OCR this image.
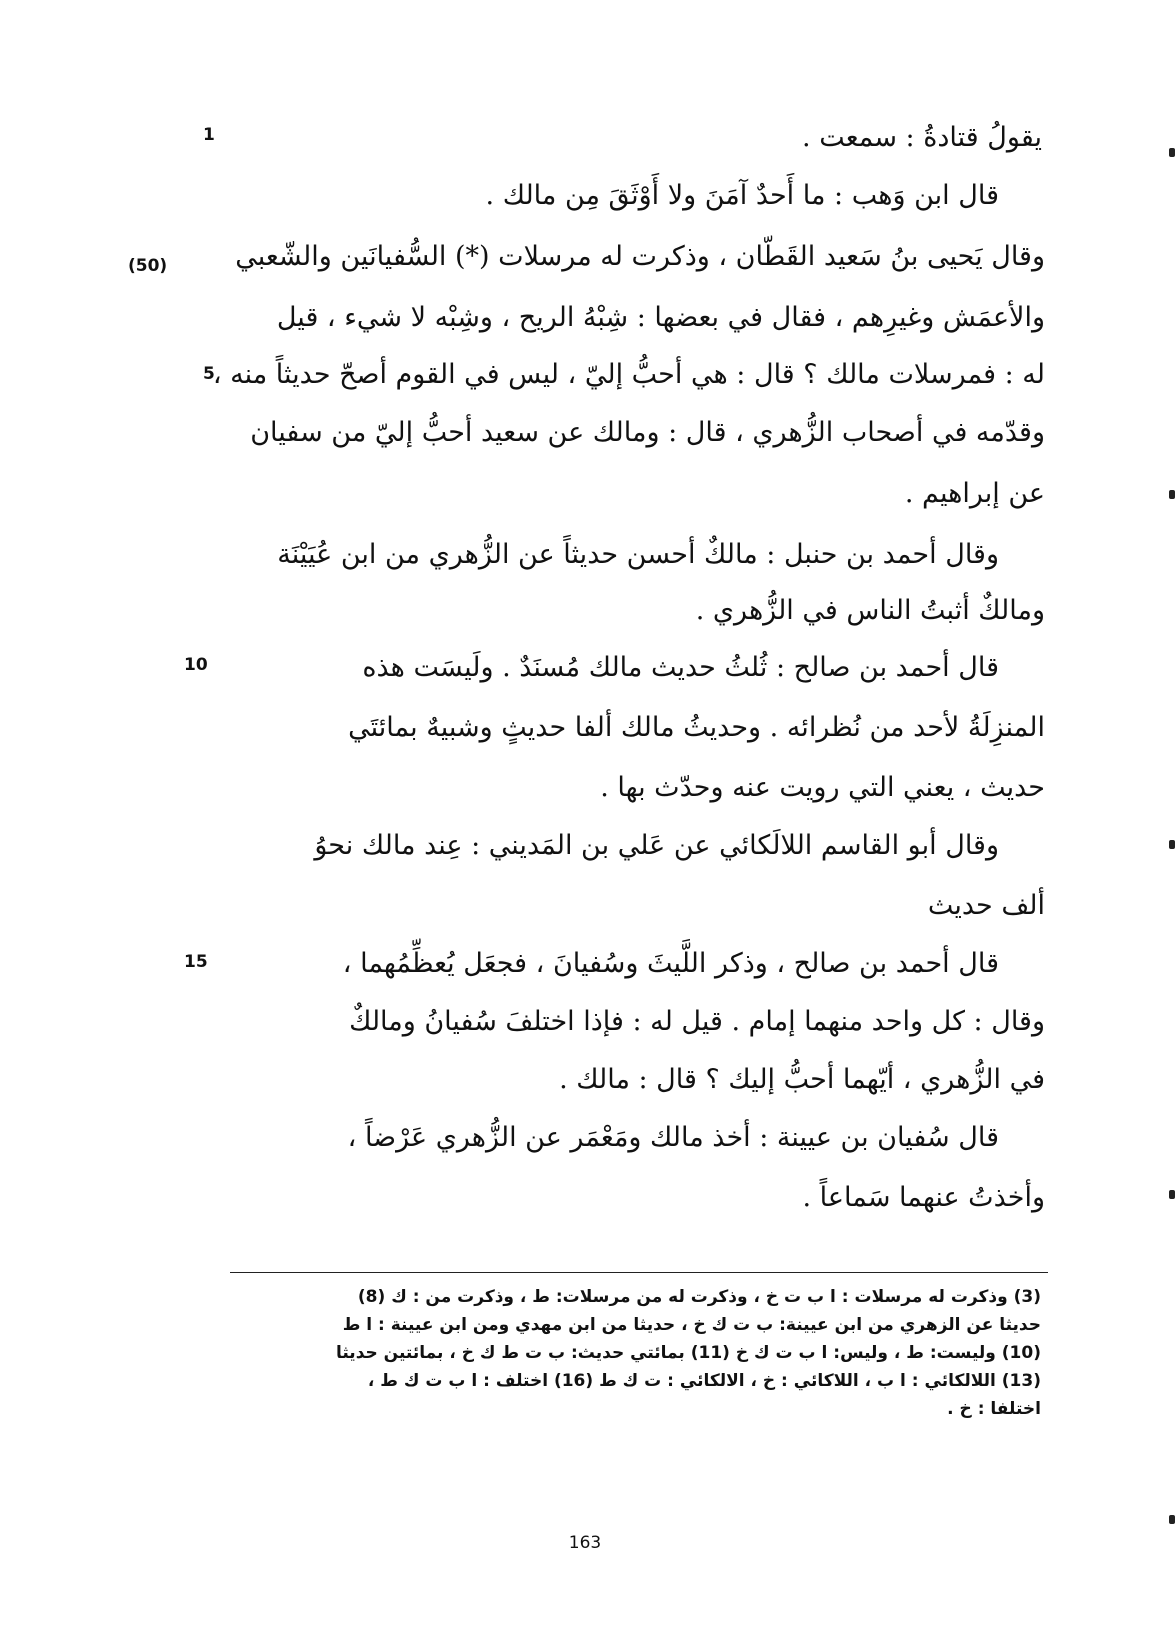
يقولُ قتادةُ : سمعت .
قال ابن وَهب : ما أَحدٌ آمَنَ ولا أَوْثَقَ مِن مالك .
وقال يَحيى بنُ سَعيد القَطّان ، وذكرت له مرسلات (*) السُّفيانَين والشّعبي
والأعمَش وغيرِهم ، فقال في بعضها : شِبْهُ الريح ، وشِبْه لا شيء ، قيل
له : فمرسلات مالك ؟ قال : هي أحبُّ إليّ ، ليس في القوم أصحّ حديثاً منه ،
وقدّمه في أصحاب الزُّهري ، قال : ومالك عن سعيد أحبُّ إليّ من سفيان
عن إبراهيم .
وقال أحمد بن حنبل : مالكٌ أحسن حديثاً عن الزُّهري من ابن عُيَيْنَة
ومالكٌ أثبتُ الناس في الزُّهري .
قال أحمد بن صالح : ثُلثُ حديث مالك مُسنَدٌ . ولَيسَت هذه
المنزِلَةُ لأحد من نُظرائه . وحديثُ مالك ألفا حديثٍ وشبيهٌ بمائتَي
حديث ، يعني التي رويت عنه وحدّث بها .
وقال أبو القاسم اللالَكائي عن عَلي بن المَديني : عِند مالك نحوُ
ألف حديث
قال أحمد بن صالح ، وذكر اللَّيثَ وسُفيانَ ، فجعَل يُعظِّمُهما ،
وقال : كل واحد منهما إمام . قيل له : فإذا اختلفَ سُفيانُ ومالكٌ
في الزُّهري ، أيّهما أحبُّ إليك ؟ قال : مالك .
قال سُفيان بن عيينة : أخذ مالك ومَعْمَر عن الزُّهري عَرْضاً ،
وأخذتُ عنهما سَماعاً .
1
(50)
5
10
15
(3) وذكرت له مرسلات : ا ب ت خ ، وذكرت له من مرسلات: ط ، وذكرت من : ك (8)
حديثا عن الزهري من ابن عيينة: ب ت ك خ ، حديثا من ابن مهدي ومن ابن عيينة : ا ط
(10) وليست: ط ، وليس: ا ب ت ك خ (11) بمائتي حديث: ب ت ط ك خ ، بمائتين حديثا
(13) اللالكائي : ا ب ، اللاكائي : خ ، الالكائي : ت ك ط (16) اختلف : ا ب ت ك ط ،
اختلفا : خ .
163
